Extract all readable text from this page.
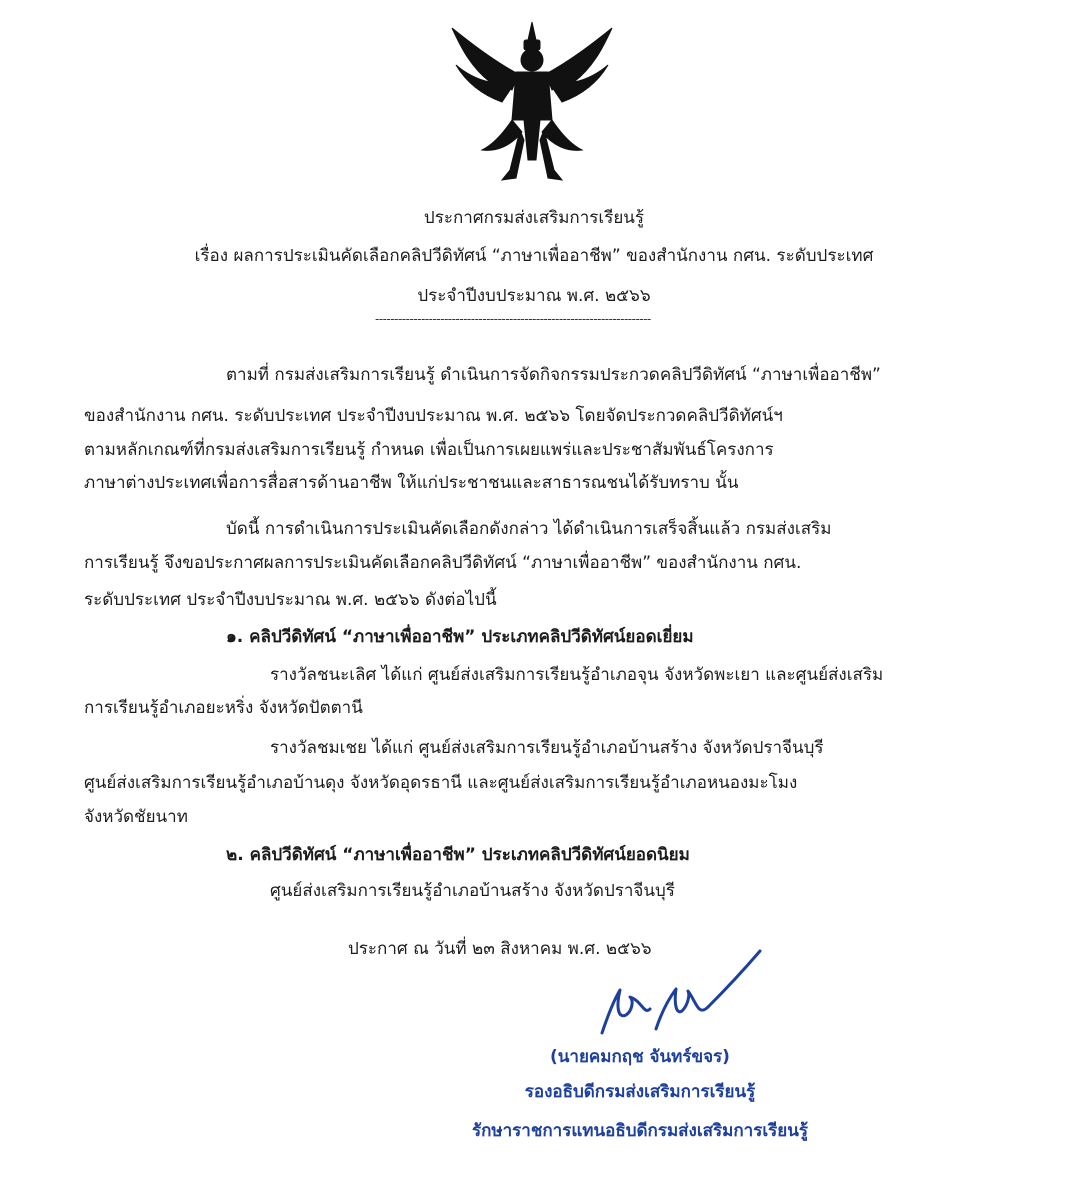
ประกาศกรมส่งเสริมการเรียนรู้
เรื่อง ผลการประเมินคัดเลือกคลิปวีดิทัศน์ “ภาษาเพื่ออาชีพ” ของสำนักงาน กศน. ระดับประเทศ
ประจำปีงบประมาณ พ.ศ. ๒๕๖๖
------------------------------------------------------------------------
ตามที่ กรมส่งเสริมการเรียนรู้ ดำเนินการจัดกิจกรรมประกวดคลิปวีดิทัศน์ “ภาษาเพื่ออาชีพ”
ของสำนักงาน กศน. ระดับประเทศ ประจำปีงบประมาณ พ.ศ. ๒๕๖๖ โดยจัดประกวดคลิปวีดิทัศน์ฯ
ตามหลักเกณฑ์ที่กรมส่งเสริมการเรียนรู้ กำหนด เพื่อเป็นการเผยแพร่และประชาสัมพันธ์โครงการ
ภาษาต่างประเทศเพื่อการสื่อสารด้านอาชีพ ให้แก่ประชาชนและสาธารณชนได้รับทราบ นั้น
บัดนี้ การดำเนินการประเมินคัดเลือกดังกล่าว ได้ดำเนินการเสร็จสิ้นแล้ว กรมส่งเสริม
การเรียนรู้ จึงขอประกาศผลการประเมินคัดเลือกคลิปวีดิทัศน์ “ภาษาเพื่ออาชีพ” ของสำนักงาน กศน.
ระดับประเทศ ประจำปีงบประมาณ พ.ศ. ๒๕๖๖ ดังต่อไปนี้
๑. คลิปวีดิทัศน์ “ภาษาเพื่ออาชีพ” ประเภทคลิปวีดิทัศน์ยอดเยี่ยม
รางวัลชนะเลิศ ได้แก่ ศูนย์ส่งเสริมการเรียนรู้อำเภอจุน จังหวัดพะเยา และศูนย์ส่งเสริม
การเรียนรู้อำเภอยะหริ่ง จังหวัดปัตตานี
รางวัลชมเชย ได้แก่ ศูนย์ส่งเสริมการเรียนรู้อำเภอบ้านสร้าง จังหวัดปราจีนบุรี
ศูนย์ส่งเสริมการเรียนรู้อำเภอบ้านดุง จังหวัดอุดรธานี และศูนย์ส่งเสริมการเรียนรู้อำเภอหนองมะโมง
จังหวัดชัยนาท
๒. คลิปวีดิทัศน์ “ภาษาเพื่ออาชีพ” ประเภทคลิปวีดิทัศน์ยอดนิยม
ศูนย์ส่งเสริมการเรียนรู้อำเภอบ้านสร้าง จังหวัดปราจีนบุรี
ประกาศ ณ วันที่ ๒๓ สิงหาคม พ.ศ. ๒๕๖๖
(นายคมกฤช จันทร์ขจร)
รองอธิบดีกรมส่งเสริมการเรียนรู้
รักษาราชการแทนอธิบดีกรมส่งเสริมการเรียนรู้
